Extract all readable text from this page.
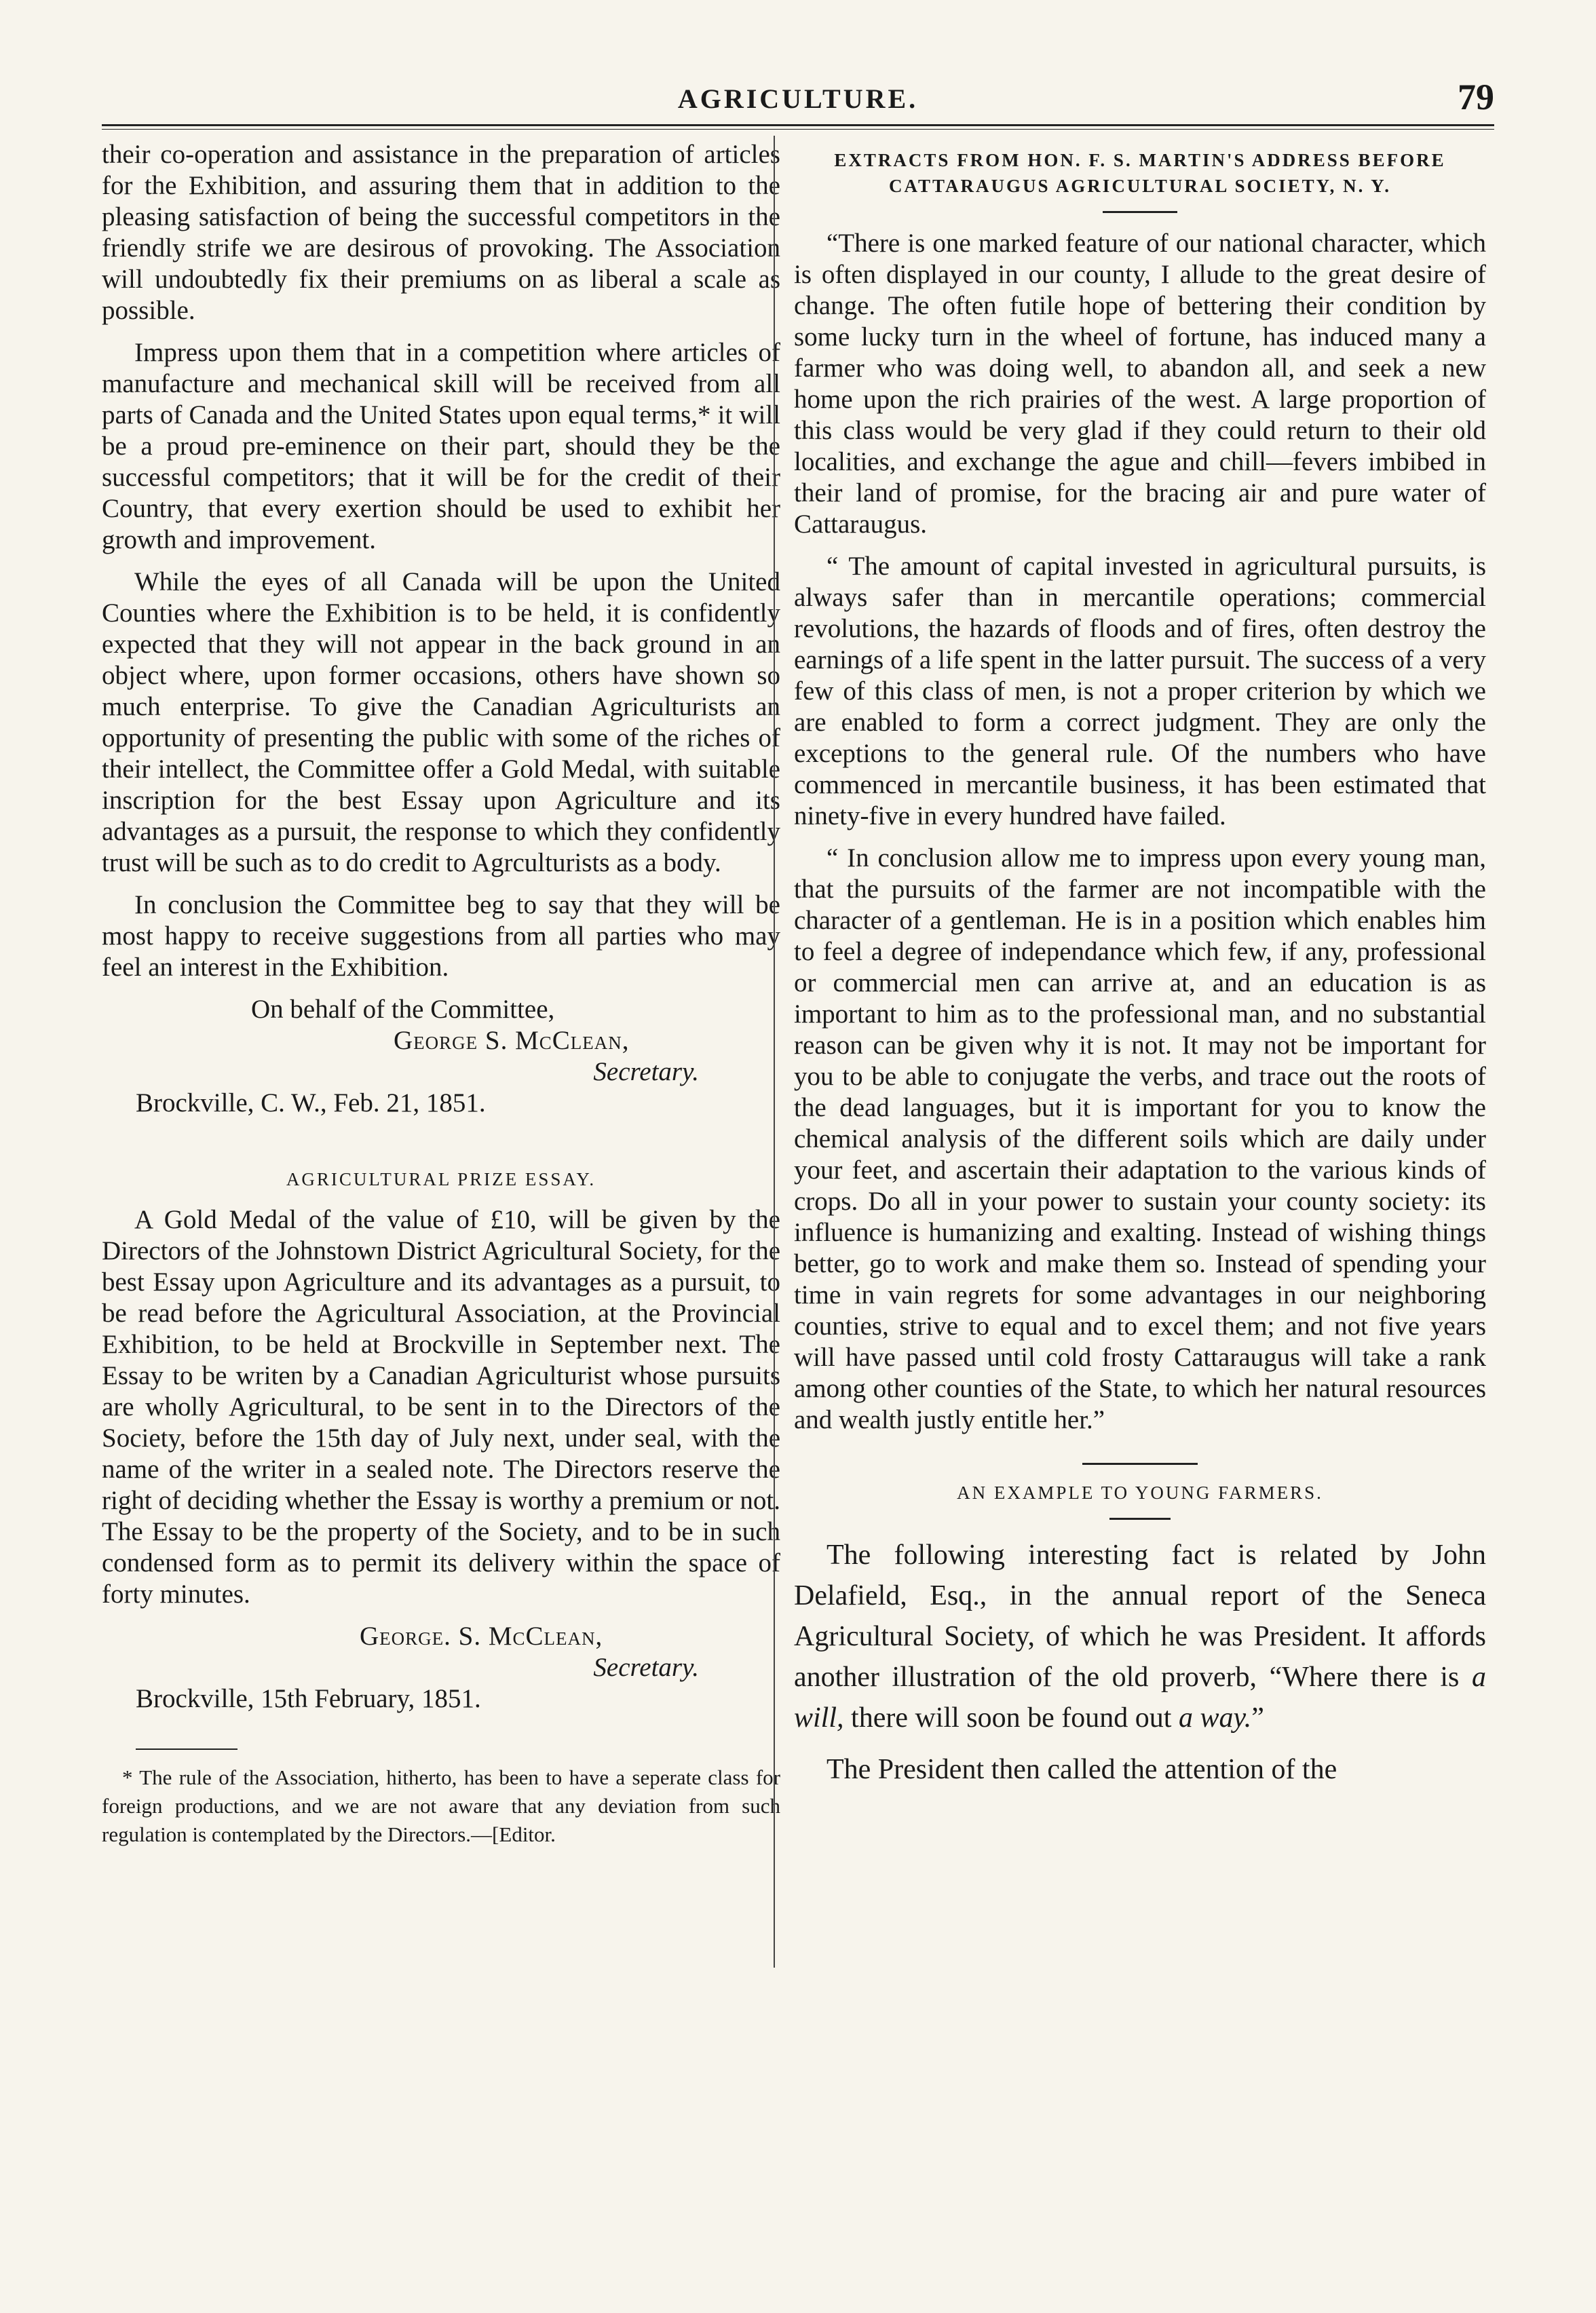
AGRICULTURE.	79

their co-operation and assistance in the preparation of articles for the Exhibition, and assuring them that in addition to the pleasing satisfaction of being the successful competitors in the friendly strife we are desirous of provoking. The Association will undoubtedly fix their premiums on as liberal a scale as possible.

Impress upon them that in a competition where articles of manufacture and mechanical skill will be received from all parts of Canada and the United States upon equal terms,* it will be a proud pre-eminence on their part, should they be the successful competitors; that it will be for the credit of their Country, that every exertion should be used to exhibit her growth and improvement.

While the eyes of all Canada will be upon the United Counties where the Exhibition is to be held, it is confidently expected that they will not appear in the back ground in an object where, upon former occasions, others have shown so much enterprise. To give the Canadian Agriculturists an opportunity of presenting the public with some of the riches of their intellect, the Committee offer a Gold Medal, with suitable inscription for the best Essay upon Agriculture and its advantages as a pursuit, the response to which they confidently trust will be such as to do credit to Agrculturists as a body.

In conclusion the Committee beg to say that they will be most happy to receive suggestions from all parties who may feel an interest in the Exhibition.

On behalf of the Committee,

George S. McClean,

Secretary.

Brockville, C. W., Feb. 21, 1851.

AGRICULTURAL PRIZE ESSAY.

A Gold Medal of the value of £10, will be given by the Directors of the Johnstown District Agricultural Society, for the best Essay upon Agriculture and its advantages as a pursuit, to be read before the Agricultural Association, at the Provincial Exhibition, to be held at Brockville in September next. The Essay to be writen by a Canadian Agriculturist whose pursuits are wholly Agricultural, to be sent in to the Directors of the Society, before the 15th day of July next, under seal, with the name of the writer in a sealed note. The Directors reserve the right of deciding whether the Essay is worthy a premium or not. The Essay to be the property of the Society, and to be in such condensed form as to permit its delivery within the space of forty minutes.

George. S. McClean,

Secretary.

Brockville, 15th February, 1851.

* The rule of the Association, hitherto, has been to have a seperate class for foreign productions, and we are not aware that any deviation from such regulation is contemplated by the Directors.—[Editor.

EXTRACTS FROM HON. F. S. MARTIN'S ADDRESS BEFORE CATTARAUGUS AGRICULTURAL SOCIETY, N. Y.

“There is one marked feature of our national character, which is often displayed in our county, I allude to the great desire of change. The often futile hope of bettering their condition by some lucky turn in the wheel of fortune, has induced many a farmer who was doing well, to abandon all, and seek a new home upon the rich prairies of the west. A large proportion of this class would be very glad if they could return to their old localities, and exchange the ague and chill—fevers imbibed in their land of promise, for the bracing air and pure water of Cattaraugus.

“ The amount of capital invested in agricultural pursuits, is always safer than in mercantile operations; commercial revolutions, the hazards of floods and of fires, often destroy the earnings of a life spent in the latter pursuit. The success of a very few of this class of men, is not a proper criterion by which we are enabled to form a correct judgment. They are only the exceptions to the general rule. Of the numbers who have commenced in mercantile business, it has been estimated that ninety-five in every hundred have failed.

“ In conclusion allow me to impress upon every young man, that the pursuits of the farmer are not incompatible with the character of a gentleman. He is in a position which enables him to feel a degree of independance which few, if any, professional or commercial men can arrive at, and an education is as important to him as to the professional man, and no substantial reason can be given why it is not. It may not be important for you to be able to conjugate the verbs, and trace out the roots of the dead languages, but it is important for you to know the chemical analysis of the different soils which are daily under your feet, and ascertain their adaptation to the various kinds of crops. Do all in your power to sustain your county society: its influence is humanizing and exalting. Instead of wishing things better, go to work and make them so. Instead of spending your time in vain regrets for some advantages in our neighboring counties, strive to equal and to excel them; and not five years will have passed until cold frosty Cattaraugus will take a rank among other counties of the State, to which her natural resources and wealth justly entitle her.”

AN EXAMPLE TO YOUNG FARMERS.

The following interesting fact is related by John Delafield, Esq., in the annual report of the Seneca Agricultural Society, of which he was President. It affords another illustration of the old proverb, “Where there is a will, there will soon be found out a way.”

The President then called the attention of the
